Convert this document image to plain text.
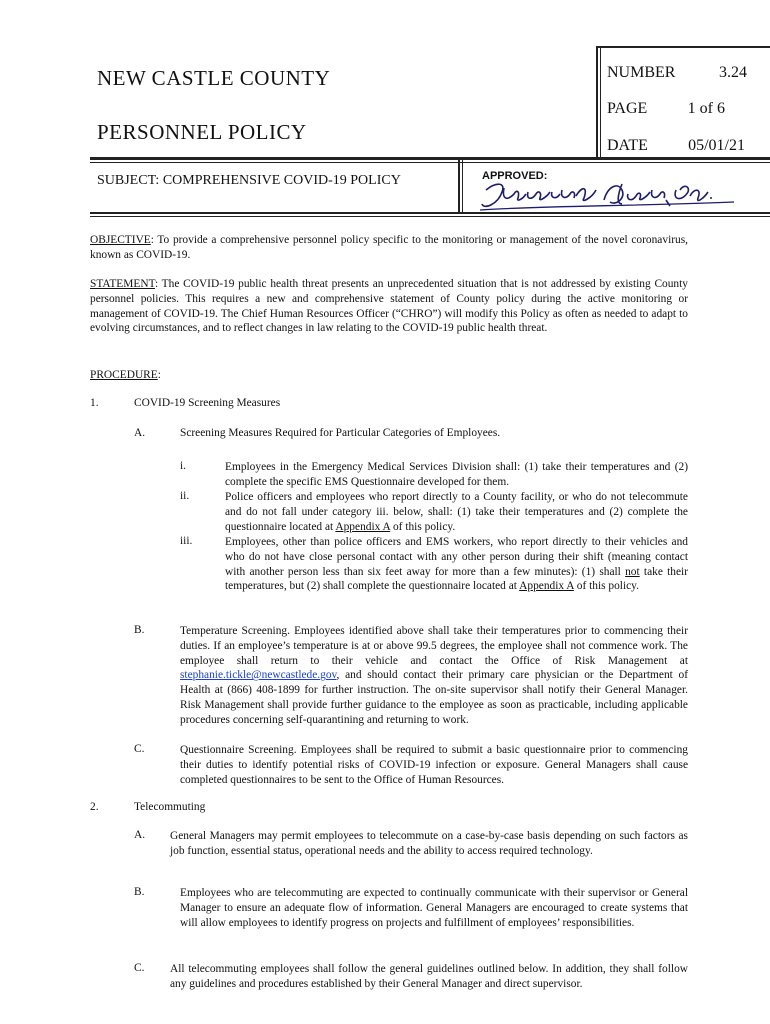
NEW CASTLE COUNTY
PERSONNEL POLICY
NUMBER	3.24
PAGE	1 of 6
DATE	05/01/21
SUBJECT: COMPREHENSIVE COVID-19 POLICY	APPROVED:
OBJECTIVE: To provide a comprehensive personnel policy specific to the monitoring or management of the novel coronavirus, known as COVID-19.
STATEMENT: The COVID-19 public health threat presents an unprecedented situation that is not addressed by existing County personnel policies. This requires a new and comprehensive statement of County policy during the active monitoring or management of COVID-19. The Chief Human Resources Officer (“CHRO”) will modify this Policy as often as needed to adapt to evolving circumstances, and to reflect changes in law relating to the COVID-19 public health threat.
PROCEDURE:
1.	COVID-19 Screening Measures
A.	Screening Measures Required for Particular Categories of Employees.
i.	Employees in the Emergency Medical Services Division shall: (1) take their temperatures and (2) complete the specific EMS Questionnaire developed for them.
ii.	Police officers and employees who report directly to a County facility, or who do not telecommute and do not fall under category iii. below, shall: (1) take their temperatures and (2) complete the questionnaire located at Appendix A of this policy.
iii.	Employees, other than police officers and EMS workers, who report directly to their vehicles and who do not have close personal contact with any other person during their shift (meaning contact with another person less than six feet away for more than a few minutes): (1) shall not take their temperatures, but (2) shall complete the questionnaire located at Appendix A of this policy.
B.	Temperature Screening. Employees identified above shall take their temperatures prior to commencing their duties. If an employee’s temperature is at or above 99.5 degrees, the employee shall not commence work. The employee shall return to their vehicle and contact the Office of Risk Management at stephanie.tickle@newcastlede.gov, and should contact their primary care physician or the Department of Health at (866) 408-1899 for further instruction. The on-site supervisor shall notify their General Manager. Risk Management shall provide further guidance to the employee as soon as practicable, including applicable procedures concerning self-quarantining and returning to work.
C.	Questionnaire Screening. Employees shall be required to submit a basic questionnaire prior to commencing their duties to identify potential risks of COVID-19 infection or exposure. General Managers shall cause completed questionnaires to be sent to the Office of Human Resources.
2.	Telecommuting
A. General Managers may permit employees to telecommute on a case-by-case basis depending on such factors as job function, essential status, operational needs and the ability to access required technology.
B.	Employees who are telecommuting are expected to continually communicate with their supervisor or General Manager to ensure an adequate flow of information. General Managers are encouraged to create systems that will allow employees to identify progress on projects and fulfillment of employees’ responsibilities.
C. All telecommuting employees shall follow the general guidelines outlined below. In addition, they shall follow any guidelines and procedures established by their General Manager and direct supervisor.
